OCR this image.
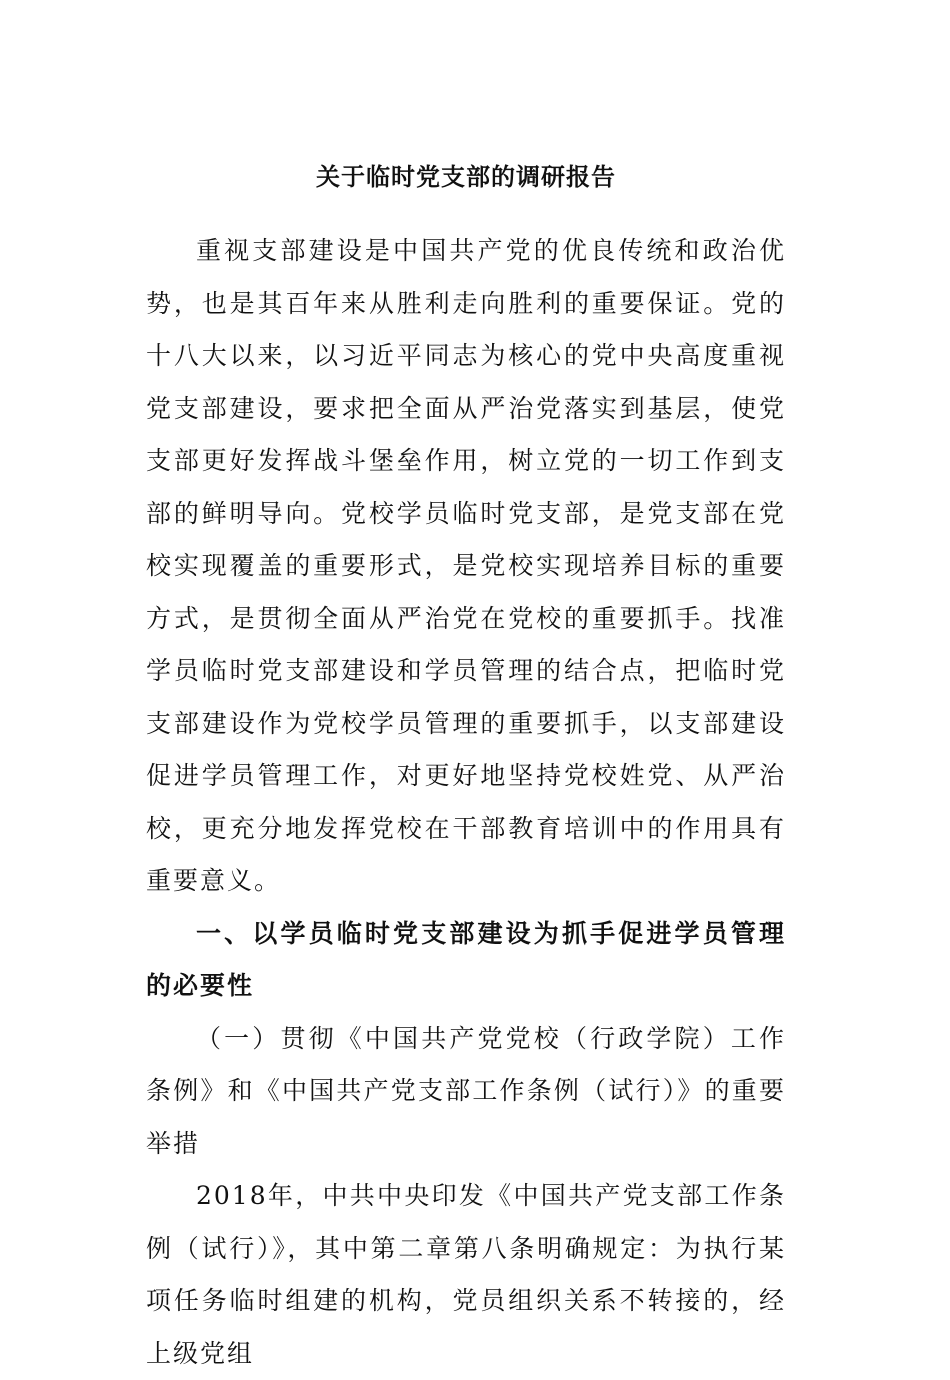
关于临时党支部的调研报告

重视支部建设是中国共产党的优良传统和政治优势，也是其百年来从胜利走向胜利的重要保证。党的十八大以来，以习近平同志为核心的党中央高度重视党支部建设，要求把全面从严治党落实到基层，使党支部更好发挥战斗堡垒作用，树立党的一切工作到支部的鲜明导向。党校学员临时党支部，是党支部在党校实现覆盖的重要形式，是党校实现培养目标的重要方式，是贯彻全面从严治党在党校的重要抓手。找准学员临时党支部建设和学员管理的结合点，把临时党支部建设作为党校学员管理的重要抓手，以支部建设促进学员管理工作，对更好地坚持党校姓党、从严治校，更充分地发挥党校在干部教育培训中的作用具有重要意义。

一、以学员临时党支部建设为抓手促进学员管理的必要性

（一）贯彻《中国共产党党校（行政学院）工作条例》和《中国共产党支部工作条例（试行）》的重要举措

2018年，中共中央印发《中国共产党支部工作条例（试行）》，其中第二章第八条明确规定：为执行某项任务临时组建的机构，党员组织关系不转接的，经上级党组
